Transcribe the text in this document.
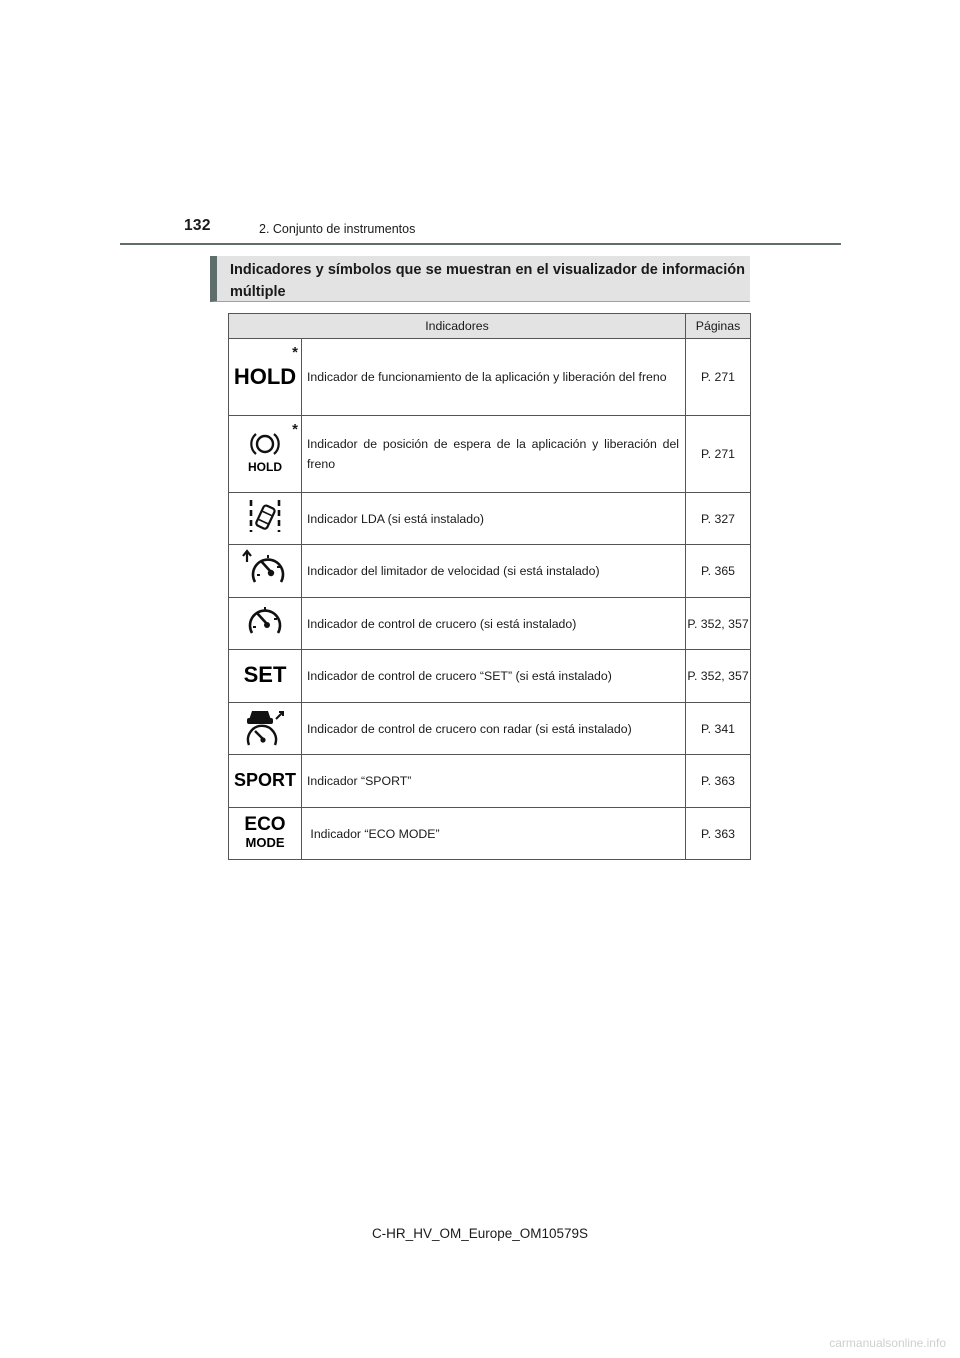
132	2. Conjunto de instrumentos
Indicadores y símbolos que se muestran en el visualizador de información múltiple
Indicadores		Páginas

*
HOLD	Indicador de funcionamiento de la aplicación y liberación del freno	P. 271

*
HOLD	Indicador de posición de espera de la aplicación y liberación del freno	P. 271
	Indicador LDA (si está instalado)	P. 327
	Indicador del limitador de velocidad (si está instalado)	P. 365
	Indicador de control de crucero (si está instalado)	P. 352, 357

SET	Indicador de control de crucero “SET” (si está instalado)	P. 352, 357
	Indicador de control de crucero con radar (si está instalado)	P. 341

SPORT	Indicador “SPORT”	P. 363

ECO
MODE	Indicador “ECO MODE”	P. 363
C-HR_HV_OM_Europe_OM10579S
carmanualsonline.info
